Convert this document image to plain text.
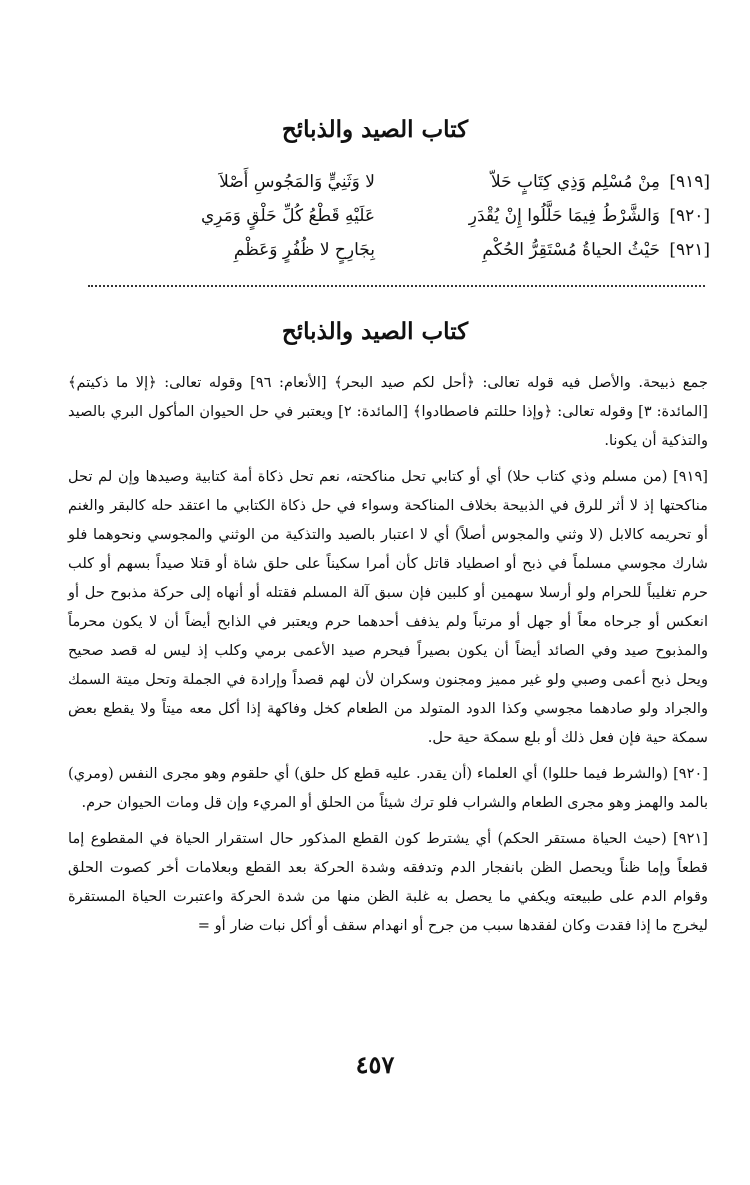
كتاب الصيد والذبائح
[٩١٩]
مِنْ مُسْلِم وَذِي كِتَابٍ حَلاّ
لا وَثَنِيٍّ وَالمَجُوسِ أَصْلاَ
[٩٢٠]
وَالشَّرْطُ فِيمَا حَلَّلُوا إِنْ يُقْدَرِ
عَلَيْهِ قَطْعُ كُلِّ حَلْقٍ وَمَرِي
[٩٢١]
حَيْثُ الحياةُ مُسْتَقِرُّ الحُكْمِ
بِجَارِحٍ لا ظُفُرٍ وَعَظْمِ
كتاب الصيد والذبائح

جمع ذبيحة. والأصل فيه قوله تعالى: ﴿أحل لكم صيد البحر﴾ [الأنعام: ٩٦] وقوله تعالى: ﴿إلا ما ذكيتم﴾ [المائدة: ٣] وقوله تعالى: ﴿وإذا حللتم فاصطادوا﴾ [المائدة: ٢] ويعتبر في حل الحيوان المأكول البري بالصيد والتذكية أن يكونا.

[٩١٩] (من مسلم وذي كتاب حلا) أي أو كتابي تحل مناكحته، نعم تحل ذكاة أمة كتابية وصيدها وإن لم تحل مناكحتها إذ لا أثر للرق في الذبيحة بخلاف المناكحة وسواء في حل ذكاة الكتابي ما اعتقد حله كالبقر والغنم أو تحريمه كالابل (لا وثني والمجوس أصلاً) أي لا اعتبار بالصيد والتذكية من الوثني والمجوسي ونحوهما فلو شارك مجوسي مسلماً في ذبح أو اصطياد قاتل كأن أمرا سكيناً على حلق شاة أو قتلا صيداً بسهم أو كلب حرم تغليباً للحرام ولو أرسلا سهمين أو كلبين فإن سبق آلة المسلم فقتله أو أنهاه إلى حركة مذبوح حل أو انعكس أو جرحاه معاً أو جهل أو مرتباً ولم يذفف أحدهما حرم ويعتبر في الذابح أيضاً أن لا يكون محرماً والمذبوح صيد وفي الصائد أيضاً أن يكون بصيراً فيحرم صيد الأعمى برمي وكلب إذ ليس له قصد صحيح ويحل ذبح أعمى وصبي ولو غير مميز ومجنون وسكران لأن لهم قصداً وإرادة في الجملة وتحل ميتة السمك والجراد ولو صادهما مجوسي وكذا الدود المتولد من الطعام كخل وفاكهة إذا أكل معه ميتاً ولا يقطع بعض سمكة حية فإن فعل ذلك أو بلع سمكة حية حل.

[٩٢٠] (والشرط فيما حللوا) أي العلماء (أن يقدر. عليه قطع كل حلق) أي حلقوم وهو مجرى النفس (ومري) بالمد والهمز وهو مجرى الطعام والشراب فلو ترك شيئاً من الحلق أو المريء وإن قل ومات الحيوان حرم.

[٩٢١] (حيث الحياة مستقر الحكم) أي يشترط كون القطع المذكور حال استقرار الحياة في المقطوع إما قطعاً وإما ظناً ويحصل الظن بانفجار الدم وتدفقه وشدة الحركة بعد القطع وبعلامات أخر كصوت الحلق وقوام الدم على طبيعته ويكفي ما يحصل به غلبة الظن منها من شدة الحركة واعتبرت الحياة المستقرة ليخرج ما إذا فقدت وكان لفقدها سبب من جرح أو انهدام سقف أو أكل نبات ضار أو =

٤٥٧
